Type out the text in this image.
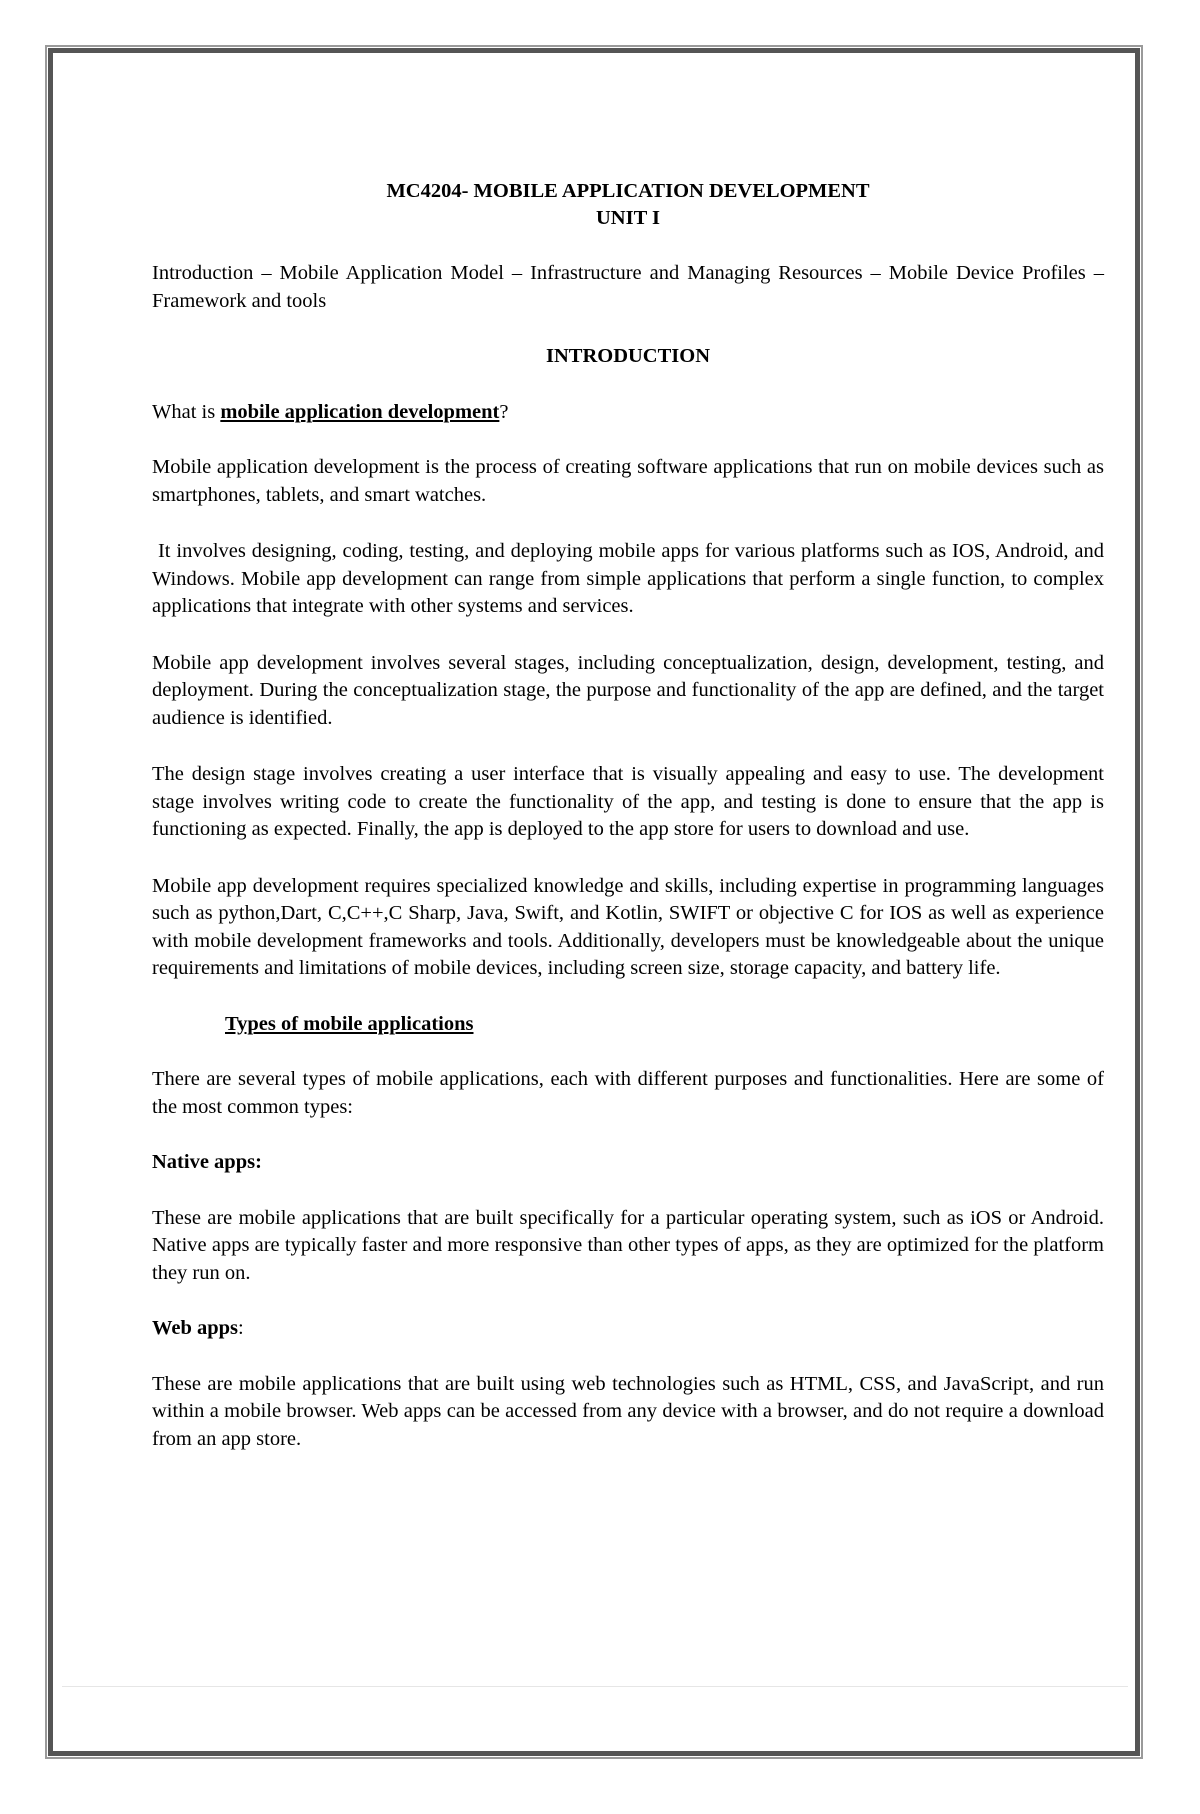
MC4204- MOBILE APPLICATION DEVELOPMENT
UNIT I

Introduction – Mobile Application Model – Infrastructure and Managing Resources – Mobile Device Profiles – Framework and tools

INTRODUCTION

What is mobile application development?

Mobile application development is the process of creating software applications that run on mobile devices such as smartphones, tablets, and smart watches.

It involves designing, coding, testing, and deploying mobile apps for various platforms such as IOS, Android, and Windows. Mobile app development can range from simple applications that perform a single function, to complex applications that integrate with other systems and services.

Mobile app development involves several stages, including conceptualization, design, development, testing, and deployment. During the conceptualization stage, the purpose and functionality of the app are defined, and the target audience is identified.

The design stage involves creating a user interface that is visually appealing and easy to use. The development stage involves writing code to create the functionality of the app, and testing is done to ensure that the app is functioning as expected. Finally, the app is deployed to the app store for users to download and use.

Mobile app development requires specialized knowledge and skills, including expertise in programming languages such as python,Dart, C,C++,C Sharp, Java, Swift, and Kotlin, SWIFT or objective C for IOS as well as experience with mobile development frameworks and tools. Additionally, developers must be knowledgeable about the unique requirements and limitations of mobile devices, including screen size, storage capacity, and battery life.

Types of mobile applications

There are several types of mobile applications, each with different purposes and functionalities. Here are some of the most common types:

Native apps:

These are mobile applications that are built specifically for a particular operating system, such as iOS or Android. Native apps are typically faster and more responsive than other types of apps, as they are optimized for the platform they run on.

Web apps:

These are mobile applications that are built using web technologies such as HTML, CSS, and JavaScript, and run within a mobile browser. Web apps can be accessed from any device with a browser, and do not require a download from an app store.
